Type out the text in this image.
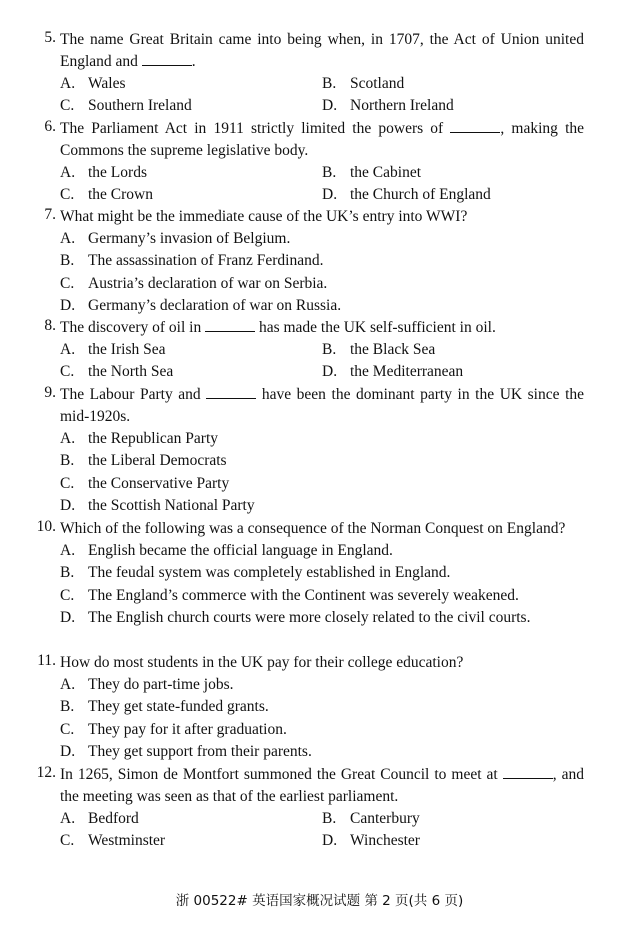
5. The name Great Britain came into being when, in 1707, the Act of Union united England and	.
A. Wales	B. Scotland
C. Southern Ireland	D. Northern Ireland
6. The Parliament Act in 1911 strictly limited the powers of	, making the Commons the supreme legislative body.
A. the Lords	B. the Cabinet
C. the Crown	D. the Church of England
7. What might be the immediate cause of the UK’s entry into WWI?
A. Germany’s invasion of Belgium.
B. The assassination of Franz Ferdinand.
C. Austria’s declaration of war on Serbia.
D. Germany’s declaration of war on Russia.
8. The discovery of oil in	has made the UK self-sufficient in oil.
A. the Irish Sea	B. the Black Sea
C. the North Sea	D. the Mediterranean
9. The Labour Party and	have been the dominant party in the UK since the mid-1920s.
A. the Republican Party
B. the Liberal Democrats
C. the Conservative Party
D. the Scottish National Party
10. Which of the following was a consequence of the Norman Conquest on England?
A. English became the official language in England.
B. The feudal system was completely established in England.
C. The England’s commerce with the Continent was severely weakened.
D. The English church courts were more closely related to the civil courts.
11. How do most students in the UK pay for their college education?
A. They do part-time jobs.
B. They get state-funded grants.
C. They pay for it after graduation.
D. They get support from their parents.
12. In 1265, Simon de Montfort summoned the Great Council to meet at	, and the meeting was seen as that of the earliest parliament.
A. Bedford	B. Canterbury
C. Westminster	D. Winchester
浙 00522# 英语国家概况试题 第 2 页(共 6 页)
